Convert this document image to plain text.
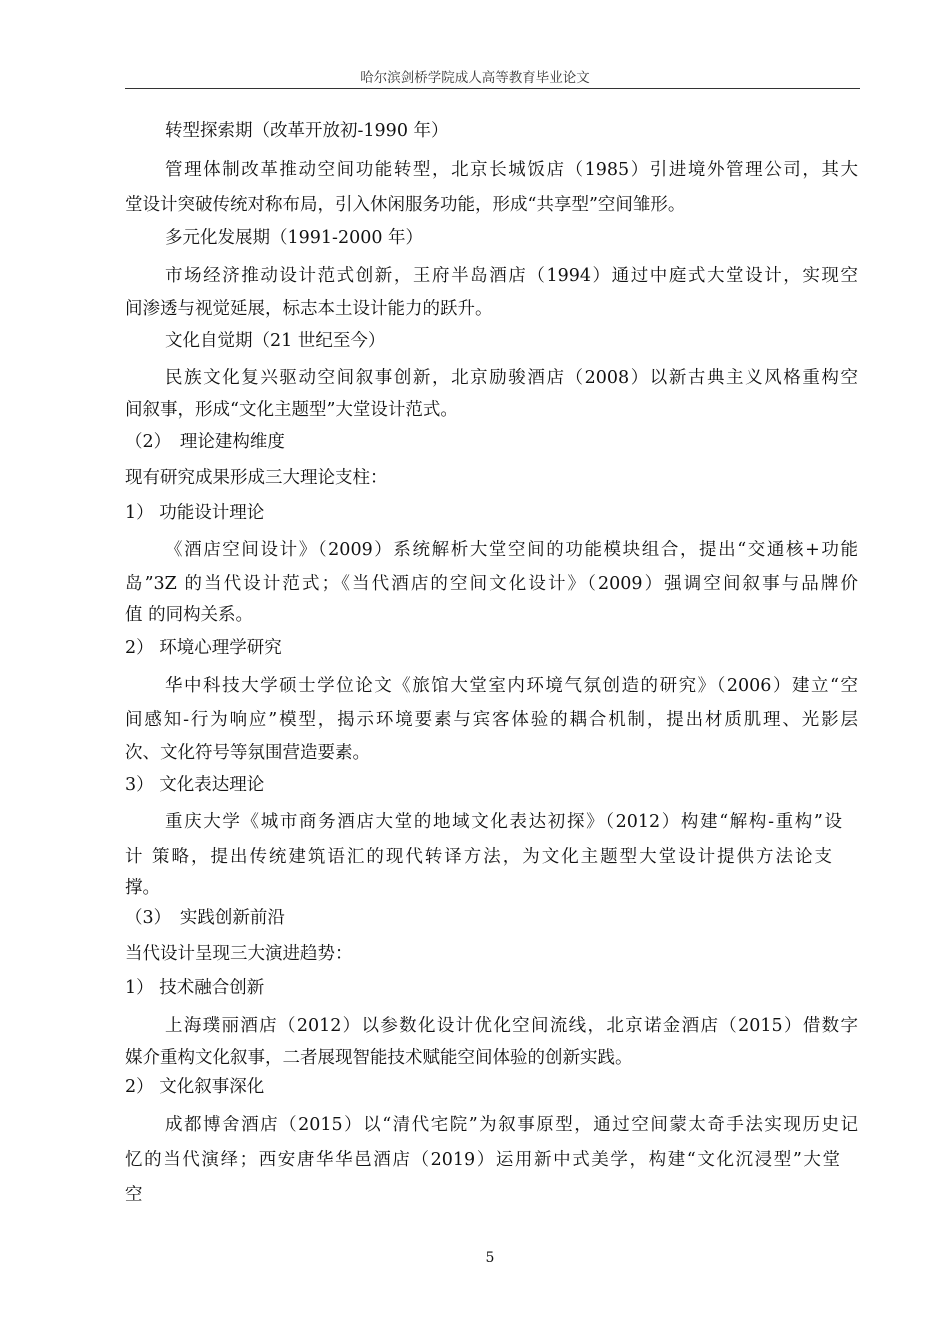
哈尔滨剑桥学院成人高等教育毕业论文
转型探索期（改革开放初-1990 年）
管理体制改革推动空间功能转型，北京长城饭店（1985）引进境外管理公司，其大
堂设计突破传统对称布局，引入休闲服务功能，形成“共享型”空间雏形。
多元化发展期（1991-2000 年）
市场经济推动设计范式创新，王府半岛酒店（1994）通过中庭式大堂设计，实现空
间渗透与视觉延展，标志本土设计能力的跃升。
文化自觉期（21 世纪至今）
民族文化复兴驱动空间叙事创新，北京励骏酒店（2008）以新古典主义风格重构空
间叙事，形成“文化主题型”大堂设计范式。
（2）　理论建构维度
现有研究成果形成三大理论支柱：
1） 功能设计理论
《酒店空间设计》（2009）系统解析大堂空间的功能模块组合，提出“交通核+功能
岛”3Z 的当代设计范式；《当代酒店的空间文化设计》（2009）强调空间叙事与品牌价
值 的同构关系。
2） 环境心理学研究
华中科技大学硕士学位论文《旅馆大堂室内环境气氛创造的研究》（2006）建立“空
间感知-行为响应”模型，揭示环境要素与宾客体验的耦合机制，提出材质肌理、光影层
次、文化符号等氛围营造要素。
3） 文化表达理论
重庆大学《城市商务酒店大堂的地域文化表达初探》（2012）构建“解构-重构”设
计 策略，提出传统建筑语汇的现代转译方法，为文化主题型大堂设计提供方法论支
撑。
（3）　实践创新前沿
当代设计呈现三大演进趋势：
1） 技术融合创新
上海璞丽酒店（2012）以参数化设计优化空间流线，北京诺金酒店（2015）借数字
媒介重构文化叙事，二者展现智能技术赋能空间体验的创新实践。
2） 文化叙事深化
成都博舍酒店（2015）以“清代宅院”为叙事原型，通过空间蒙太奇手法实现历史记
忆的当代演绎；西安唐华华邑酒店（2019）运用新中式美学，构建“文化沉浸型”大堂
空
5
